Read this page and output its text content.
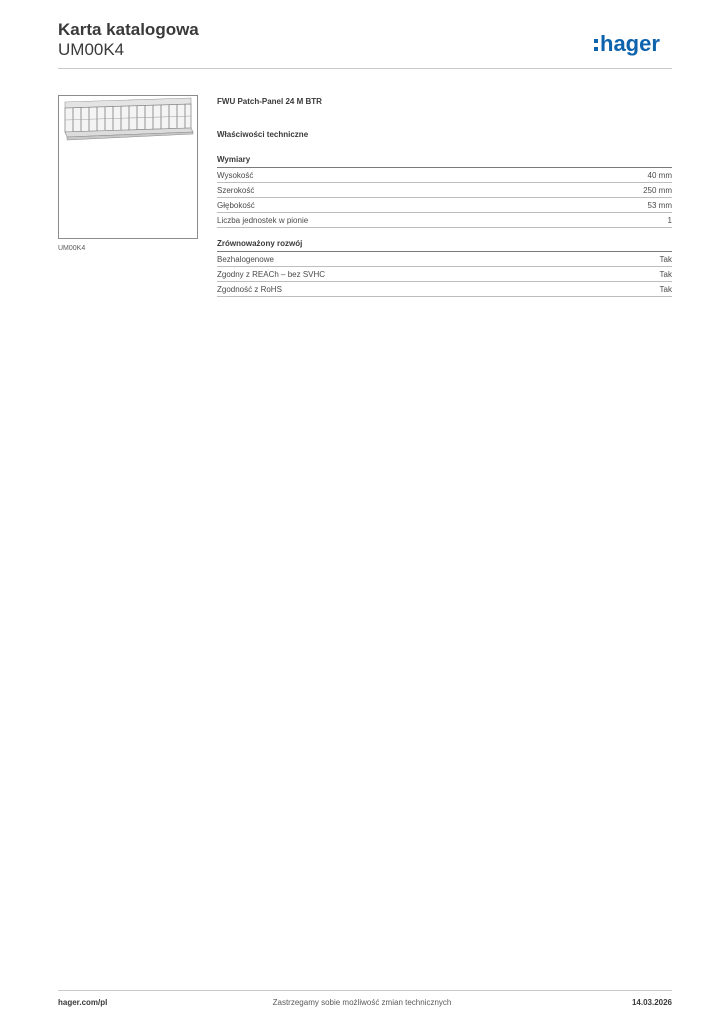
Karta katalogowa
UM00K4	hager
UM00K4
FWU Patch-Panel 24 M BTR
Właściwości techniczne
Wymiary
Wysokość	40 mm
Szerokość	250 mm
Głębokość	53 mm
Liczba jednostek w pionie	1
Zrównoważony rozwój
Bezhalogenowe	Tak
Zgodny z REACh – bez SVHC	Tak
Zgodność z RoHS	Tak
hager.com/pl	Zastrzegamy sobie możliwość zmian technicznych	14.03.2026
